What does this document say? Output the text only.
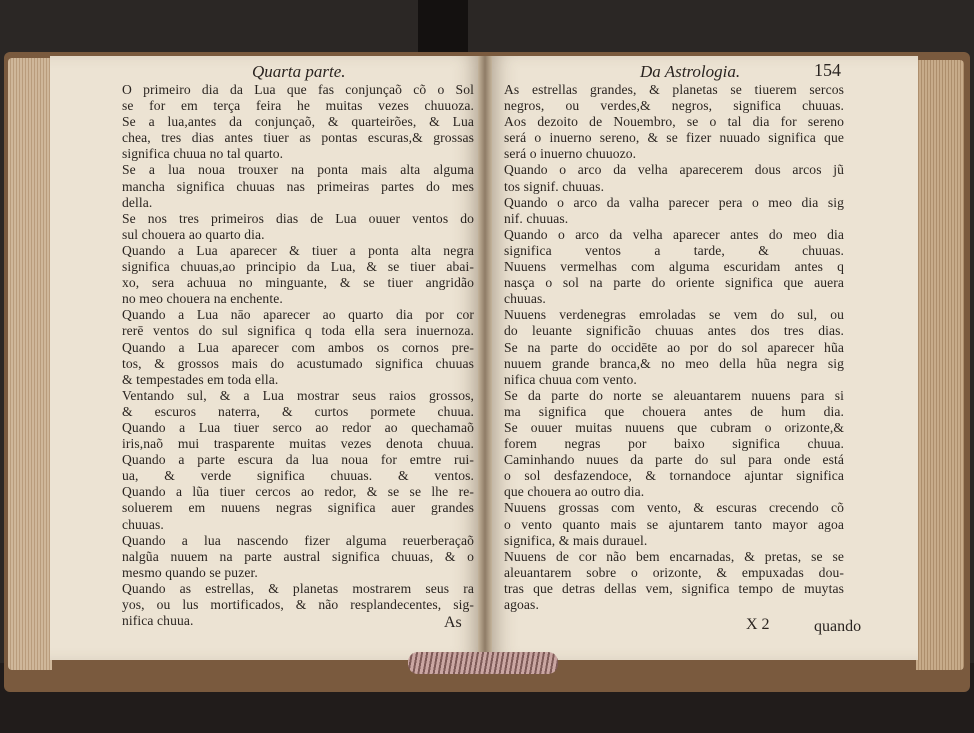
Quarta parte.	Da Astrologia.	154
O primeiro dia da Lua que fas conjunçaõ cõ o Sol
se for em terça feira he muitas vezes chuuoza.
Se a lua,antes da conjunçaõ, & quarteirões, & Lua
chea, tres dias antes tiuer as pontas escuras,& grossas
significa chuua no tal quarto.
Se a lua noua trouxer na ponta mais alta alguma
mancha significa chuuas nas primeiras partes do mes
della.
Se nos tres primeiros dias de Lua ouuer ventos do
sul chouera ao quarto dia.
Quando a Lua aparecer & tiuer a ponta alta negra
significa chuuas,ao principio da Lua, & se tiuer abai-
xo, sera achuua no minguante, & se tiuer angridão
no meo chouera na enchente.
Quando a Lua nāo aparecer ao quarto dia por cor
rerē ventos do sul significa q toda ella sera inuernoza.
Quando a Lua aparecer com ambos os cornos pre-
tos, & grossos mais do acustumado significa chuuas
& tempestades em toda ella.
Ventando sul, & a Lua mostrar seus raios grossos,
& escuros naterra, & curtos pormete chuua.
Quando a Lua tiuer serco ao redor ao quechamaõ
iris,naõ mui trasparente muitas vezes denota chuua.
Quando a parte escura da lua noua for emtre rui-
ua, & verde significa chuuas. & ventos.
Quando a lũa tiuer cercos ao redor, & se se lhe re-
soluerem em nuuens negras significa auer grandes
chuuas.
Quando a lua nascendo fizer alguma reuerberaçaõ
nalgũa nuuem na parte austral significa chuuas, & o
mesmo quando se puzer.
Quando as estrellas, & planetas mostrarem seus ra
yos, ou lus mortificados, & não resplandecentes, sig-
nifica chuua.
As estrellas grandes, & planetas se tiuerem sercos
negros, ou verdes,& negros, significa chuuas.
Aos dezoito de Nouembro, se o tal dia for sereno
será o inuerno sereno, & se fizer nuuado significa que
será o inuerno chuuozo.
Quando o arco da velha aparecerem dous arcos jũ
tos signif. chuuas.
Quando o arco da valha parecer pera o meo dia sig
nif. chuuas.
Quando o arco da velha aparecer antes do meo dia
significa ventos a tarde, & chuuas.
Nuuens vermelhas com alguma escuridam antes q
nasça o sol na parte do oriente significa que auera
chuuas.
Nuuens verdenegras emroladas se vem do sul, ou
do leuante significão chuuas antes dos tres dias.
Se na parte do occidēte ao por do sol aparecer hũa
nuuem grande branca,& no meo della hũa negra sig
nifica chuua com vento.
Se da parte do norte se aleuantarem nuuens para si
ma significa que chouera antes de hum dia.
Se ouuer muitas nuuens que cubram o orizonte,&
forem negras por baixo significa chuua.
Caminhando nuues da parte do sul para onde está
o sol desfazendoce, & tornandoce ajuntar significa
que chouera ao outro dia.
Nuuens grossas com vento, & escuras crecendo cõ
o vento quanto mais se ajuntarem tanto mayor agoa
significa, & mais durauel.
Nuuens de cor não bem encarnadas, & pretas, se se
aleuantarem sobre o orizonte, & empuxadas dou-
tras que detras dellas vem, significa tempo de muytas
agoas.
As	X 2	quando
